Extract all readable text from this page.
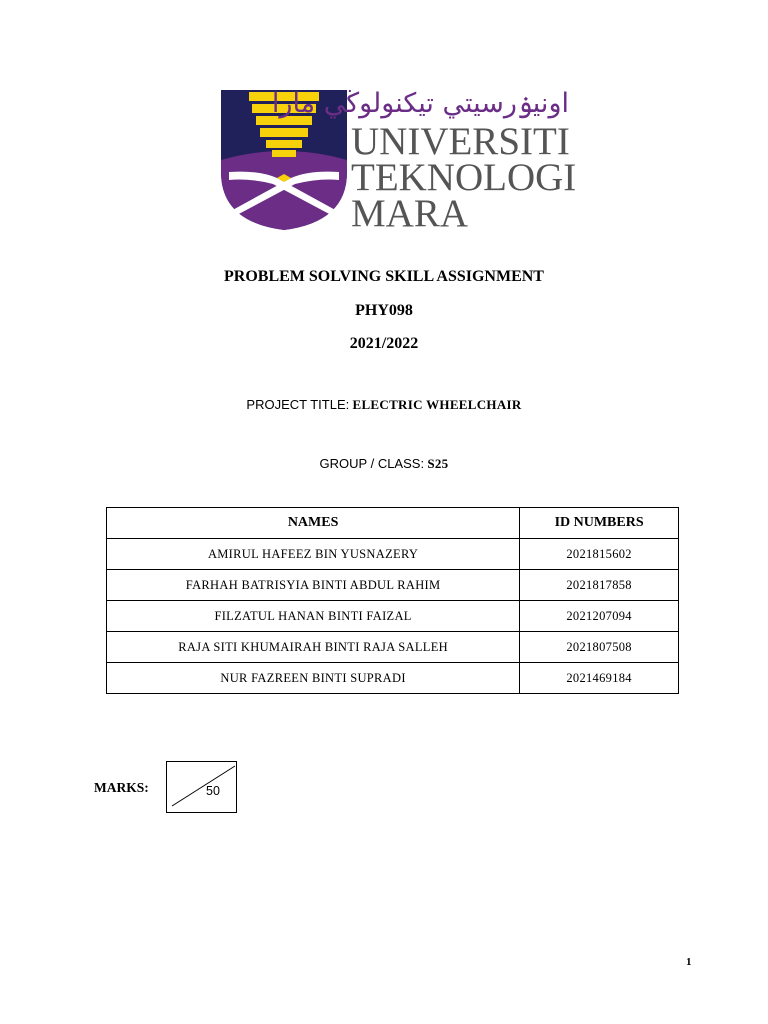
اونيۏرسيتي تيكنولوڬي مارا
UNIVERSITI
TEKNOLOGI
MARA
PROBLEM SOLVING SKILL ASSIGNMENT
PHY098
2021/2022
PROJECT TITLE: ELECTRIC WHEELCHAIR
GROUP / CLASS: S25
NAMES	ID NUMBERS
AMIRUL HAFEEZ BIN YUSNAZERY	2021815602
FARHAH BATRISYIA BINTI ABDUL RAHIM	2021817858
FILZATUL HANAN BINTI FAIZAL	2021207094
RAJA SITI KHUMAIRAH BINTI RAJA SALLEH	2021807508
NUR FAZREEN BINTI SUPRADI	2021469184
MARKS:	50
1
